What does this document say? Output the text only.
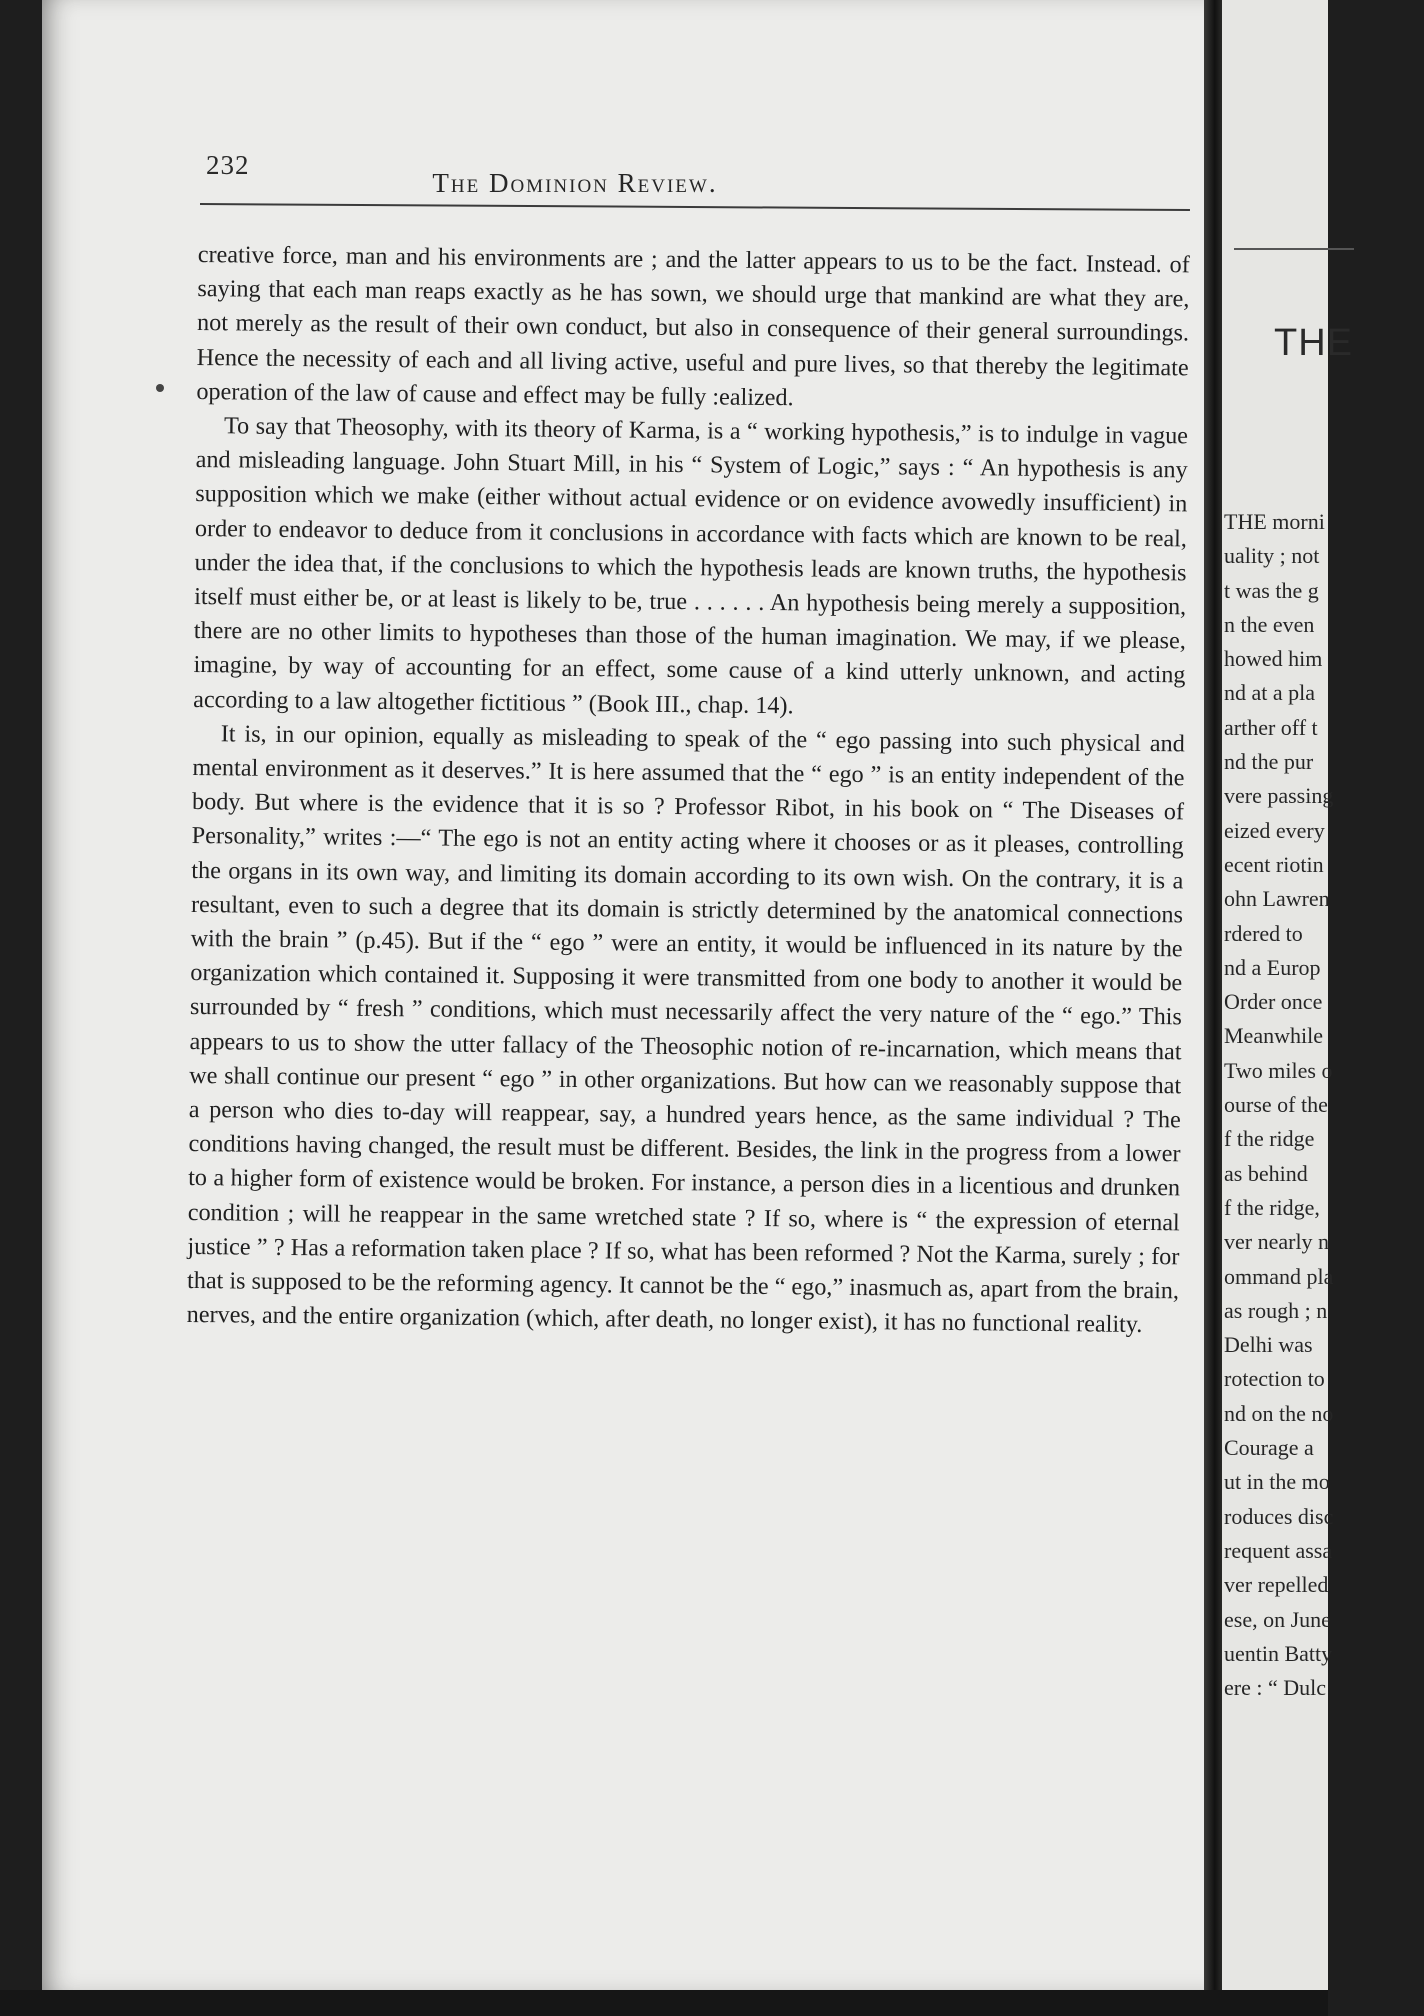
THE
THE morni
uality ; not
t was the g
n the even
howed him
nd at a pla
arther off t
nd the pur
vere passing
eized every
ecent riotin
ohn Lawren
rdered to
nd a Europ
Order once
Meanwhile
Two miles o
ourse of the
f the ridge
as behind
f the ridge,
ver nearly n
ommand pla
as rough ; n
Delhi was
rotection to
nd on the no
Courage a
ut in the mo
roduces disc
requent assa
ver repelled
ese, on June
uentin Batty
ere : “ Dulc
232
The Dominion Review.

creative force, man and his environments are ; and the latter appears to us to be the fact. Instead. of saying that each man reaps exactly as he has sown, we should urge that mankind are what they are, not merely as the result of their own conduct, but also in consequence of their general surroundings. Hence the necessity of each and all living active, useful and pure lives, so that thereby the legitimate operation of the law of cause and effect may be fully :ealized.

To say that Theosophy, with its theory of Karma, is a “ working hypothesis,” is to indulge in vague and misleading language. John Stuart Mill, in his “ System of Logic,” says : “ An hypothesis is any supposition which we make (either without actual evidence or on evidence avowedly insufficient) in order to endeavor to deduce from it conclusions in accordance with facts which are known to be real, under the idea that, if the conclusions to which the hypothesis leads are known truths, the hypothesis itself must either be, or at least is likely to be, true . . . . . . An hypothesis being merely a supposition, there are no other limits to hypotheses than those of the human imagination. We may, if we please, imagine, by way of accounting for an effect, some cause of a kind utterly unknown, and acting according to a law altogether fictitious ” (Book III., chap. 14).

It is, in our opinion, equally as misleading to speak of the “ ego passing into such physical and mental environment as it deserves.” It is here assumed that the “ ego ” is an entity independent of the body. But where is the evidence that it is so ? Professor Ribot, in his book on “ The Diseases of Personality,” writes :—“ The ego is not an entity acting where it chooses or as it pleases, controlling the organs in its own way, and limiting its domain according to its own wish. On the contrary, it is a resultant, even to such a degree that its domain is strictly determined by the anatomical connections with the brain ” (p.45). But if the “ ego ” were an entity, it would be influenced in its nature by the organization which contained it. Supposing it were transmitted from one body to another it would be surrounded by “ fresh ” conditions, which must necessarily affect the very nature of the “ ego.” This appears to us to show the utter fallacy of the Theosophic notion of re-incarnation, which means that we shall continue our present “ ego ” in other organizations. But how can we reasonably suppose that a person who dies to-day will reappear, say, a hundred years hence, as the same individual ? The conditions having changed, the result must be different. Besides, the link in the progress from a lower to a higher form of existence would be broken. For instance, a person dies in a licentious and drunken condition ; will he reappear in the same wretched state ? If so, where is “ the expression of eternal justice ” ? Has a reformation taken place ? If so, what has been reformed ? Not the Karma, surely ; for that is supposed to be the reforming agency. It cannot be the “ ego,” inasmuch as, apart from the brain, nerves, and the entire organization (which, after death, no longer exist), it has no functional reality.
